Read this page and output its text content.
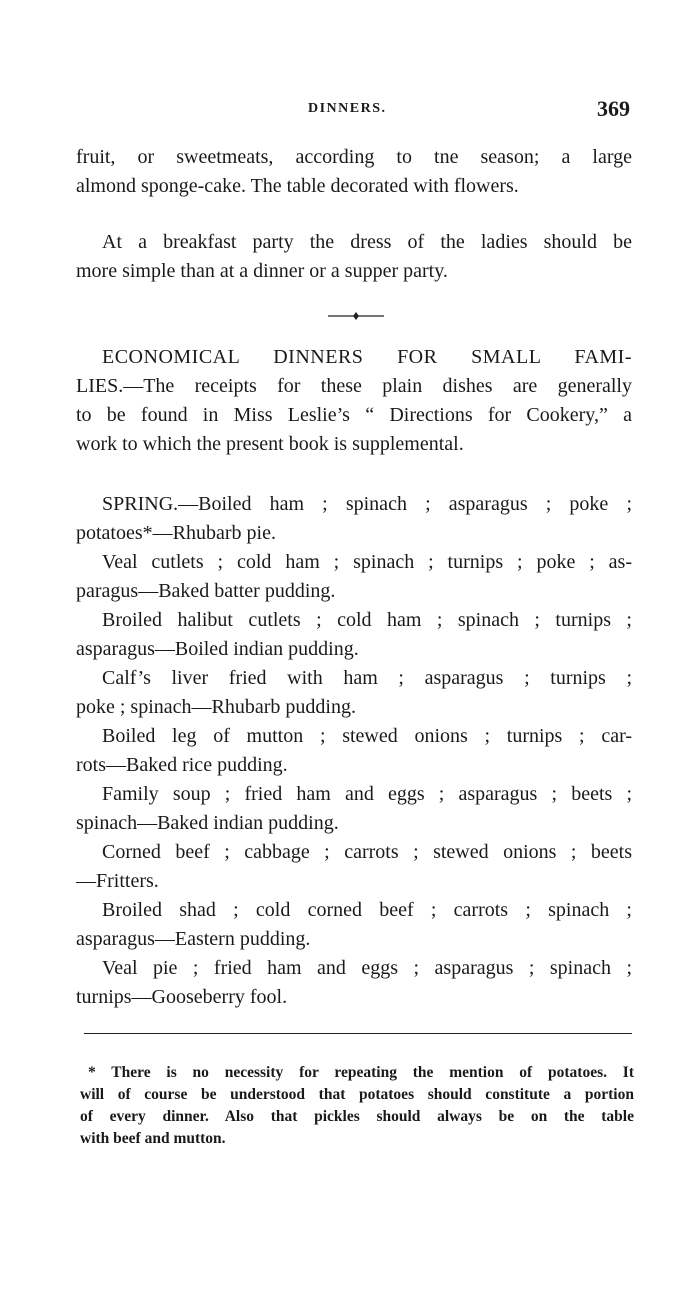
DINNERS.	369
fruit, or sweetmeats, according to tne season; a large
almond sponge-cake. The table decorated with flowers.
At a breakfast party the dress of the ladies should be
more simple than at a dinner or a supper party.
ECONOMICAL DINNERS FOR SMALL FAMI-
LIES.—The receipts for these plain dishes are generally
to be found in Miss Leslie’s “ Directions for Cookery,” a
work to which the present book is supplemental.
SPRING.—Boiled ham ; spinach ; asparagus ; poke ;
potatoes*—Rhubarb pie.
Veal cutlets ; cold ham ; spinach ; turnips ; poke ; as-
paragus—Baked batter pudding.
Broiled halibut cutlets ; cold ham ; spinach ; turnips ;
asparagus—Boiled indian pudding.
Calf’s liver fried with ham ; asparagus ; turnips ;
poke ; spinach—Rhubarb pudding.
Boiled leg of mutton ; stewed onions ; turnips ; car-
rots—Baked rice pudding.
Family soup ; fried ham and eggs ; asparagus ; beets ;
spinach—Baked indian pudding.
Corned beef ; cabbage ; carrots ; stewed onions ; beets
—Fritters.
Broiled shad ; cold corned beef ; carrots ; spinach ;
asparagus—Eastern pudding.
Veal pie ; fried ham and eggs ; asparagus ; spinach ;
turnips—Gooseberry fool.
* There is no necessity for repeating the mention of potatoes. It
will of course be understood that potatoes should constitute a portion
of every dinner. Also that pickles should always be on the table
with beef and mutton.
